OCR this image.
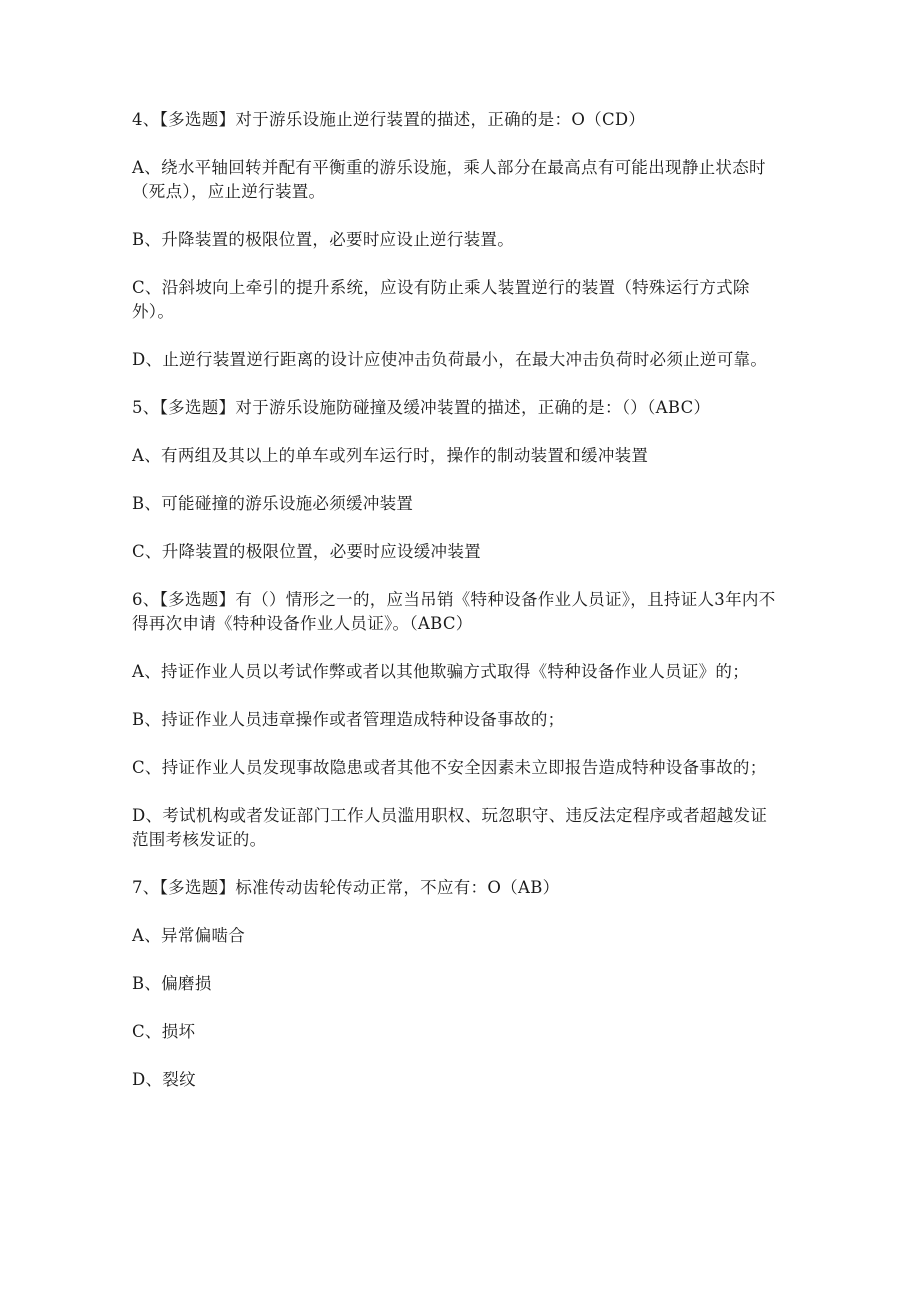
4、【多选题】对于游乐设施止逆行装置的描述，正确的是：O（CD）

A、绕水平轴回转并配有平衡重的游乐设施，乘人部分在最高点有可能出现静止状态时（死点），应止逆行装置。

B、升降装置的极限位置，必要时应设止逆行装置。

C、沿斜坡向上牵引的提升系统，应设有防止乘人装置逆行的装置（特殊运行方式除外）。

D、止逆行装置逆行距离的设计应使冲击负荷最小，在最大冲击负荷时必须止逆可靠。

5、【多选题】对于游乐设施防碰撞及缓冲装置的描述，正确的是：（）（ABC）

A、有两组及其以上的单车或列车运行时，操作的制动装置和缓冲装置

B、可能碰撞的游乐设施必须缓冲装置

C、升降装置的极限位置，必要时应设缓冲装置

6、【多选题】有（）情形之一的，应当吊销《特种设备作业人员证》，且持证人3年内不得再次申请《特种设备作业人员证》。（ABC）

A、持证作业人员以考试作弊或者以其他欺骗方式取得《特种设备作业人员证》的；

B、持证作业人员违章操作或者管理造成特种设备事故的；

C、持证作业人员发现事故隐患或者其他不安全因素未立即报告造成特种设备事故的；

D、考试机构或者发证部门工作人员滥用职权、玩忽职守、违反法定程序或者超越发证范围考核发证的。

7、【多选题】标准传动齿轮传动正常，不应有：O（AB）

A、异常偏啮合

B、偏磨损

C、损坏

D、裂纹
